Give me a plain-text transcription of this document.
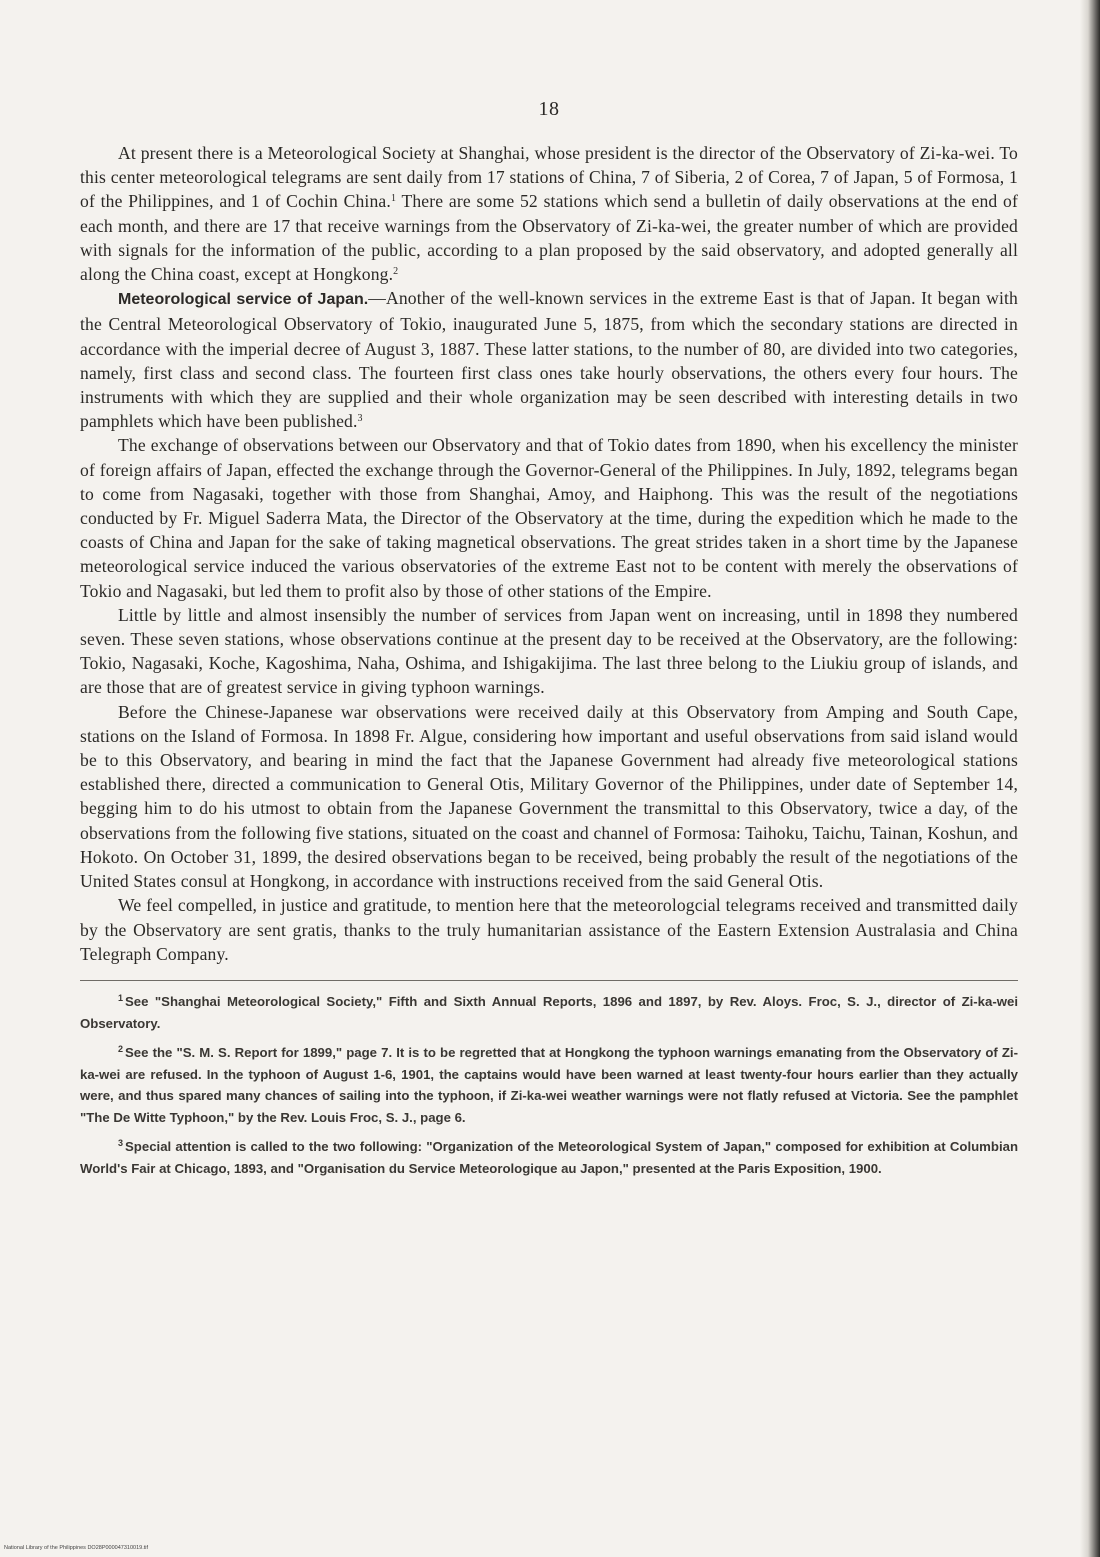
18

At present there is a Meteorological Society at Shanghai, whose president is the director of the Observatory of Zi-ka-wei. To this center meteorological telegrams are sent daily from 17 stations of China, 7 of Siberia, 2 of Corea, 7 of Japan, 5 of Formosa, 1 of the Philippines, and 1 of Cochin China.$^1$ There are some 52 stations which send a bulletin of daily observations at the end of each month, and there are 17 that receive warnings from the Observatory of Zi-ka-wei, the greater number of which are provided with signals for the information of the public, according to a plan proposed by the said observatory, and adopted generally all along the China coast, except at Hongkong.$^2$

Meteorological service of Japan.—Another of the well-known services in the extreme East is that of Japan. It began with the Central Meteorological Observatory of Tokio, inaugurated June 5, 1875, from which the secondary stations are directed in accordance with the imperial decree of August 3, 1887. These latter stations, to the number of 80, are divided into two categories, namely, first class and second class. The fourteen first class ones take hourly observations, the others every four hours. The instruments with which they are supplied and their whole organization may be seen described with interesting details in two pamphlets which have been published.$^3$

The exchange of observations between our Observatory and that of Tokio dates from 1890, when his excellency the minister of foreign affairs of Japan, effected the exchange through the Governor-General of the Philippines. In July, 1892, telegrams began to come from Nagasaki, together with those from Shanghai, Amoy, and Haiphong. This was the result of the negotiations conducted by Fr. Miguel Saderra Mata, the Director of the Observatory at the time, during the expedition which he made to the coasts of China and Japan for the sake of taking magnetical observations. The great strides taken in a short time by the Japanese meteorological service induced the various observatories of the extreme East not to be content with merely the observations of Tokio and Nagasaki, but led them to profit also by those of other stations of the Empire.

Little by little and almost insensibly the number of services from Japan went on increasing, until in 1898 they numbered seven. These seven stations, whose observations continue at the present day to be received at the Observatory, are the following: Tokio, Nagasaki, Koche, Kagoshima, Naha, Oshima, and Ishigakijima. The last three belong to the Liukiu group of islands, and are those that are of greatest service in giving typhoon warnings.

Before the Chinese-Japanese war observations were received daily at this Observatory from Amping and South Cape, stations on the Island of Formosa. In 1898 Fr. Algue, considering how important and useful observations from said island would be to this Observatory, and bearing in mind the fact that the Japanese Government had already five meteorological stations established there, directed a communication to General Otis, Military Governor of the Philippines, under date of September 14, begging him to do his utmost to obtain from the Japanese Government the transmittal to this Observatory, twice a day, of the observations from the following five stations, situated on the coast and channel of Formosa: Taihoku, Taichu, Tainan, Koshun, and Hokoto. On October 31, 1899, the desired observations began to be received, being probably the result of the negotiations of the United States consul at Hongkong, in accordance with instructions received from the said General Otis.

We feel compelled, in justice and gratitude, to mention here that the meteorologcial telegrams received and transmitted daily by the Observatory are sent gratis, thanks to the truly humanitarian assistance of the Eastern Extension Australasia and China Telegraph Company.

$^1$ See "Shanghai Meteorological Society," Fifth and Sixth Annual Reports, 1896 and 1897, by Rev. Aloys. Froc, S. J., director of Zi-ka-wei Observatory.

$^2$ See the "S. M. S. Report for 1899," page 7. It is to be regretted that at Hongkong the typhoon warnings emanating from the Observatory of Zi-ka-wei are refused. In the typhoon of August 1-6, 1901, the captains would have been warned at least twenty-four hours earlier than they actually were, and thus spared many chances of sailing into the typhoon, if Zi-ka-wei weather warnings were not flatly refused at Victoria. See the pamphlet "The De Witte Typhoon," by the Rev. Louis Froc, S. J., page 6.

$^3$ Special attention is called to the two following: "Organization of the Meteorological System of Japan," composed for exhibition at Columbian World's Fair at Chicago, 1893, and "Organisation du Service Meteorologique au Japon," presented at the Paris Exposition, 1900.

National Library of the Philippines DO28P000047310019.tif
